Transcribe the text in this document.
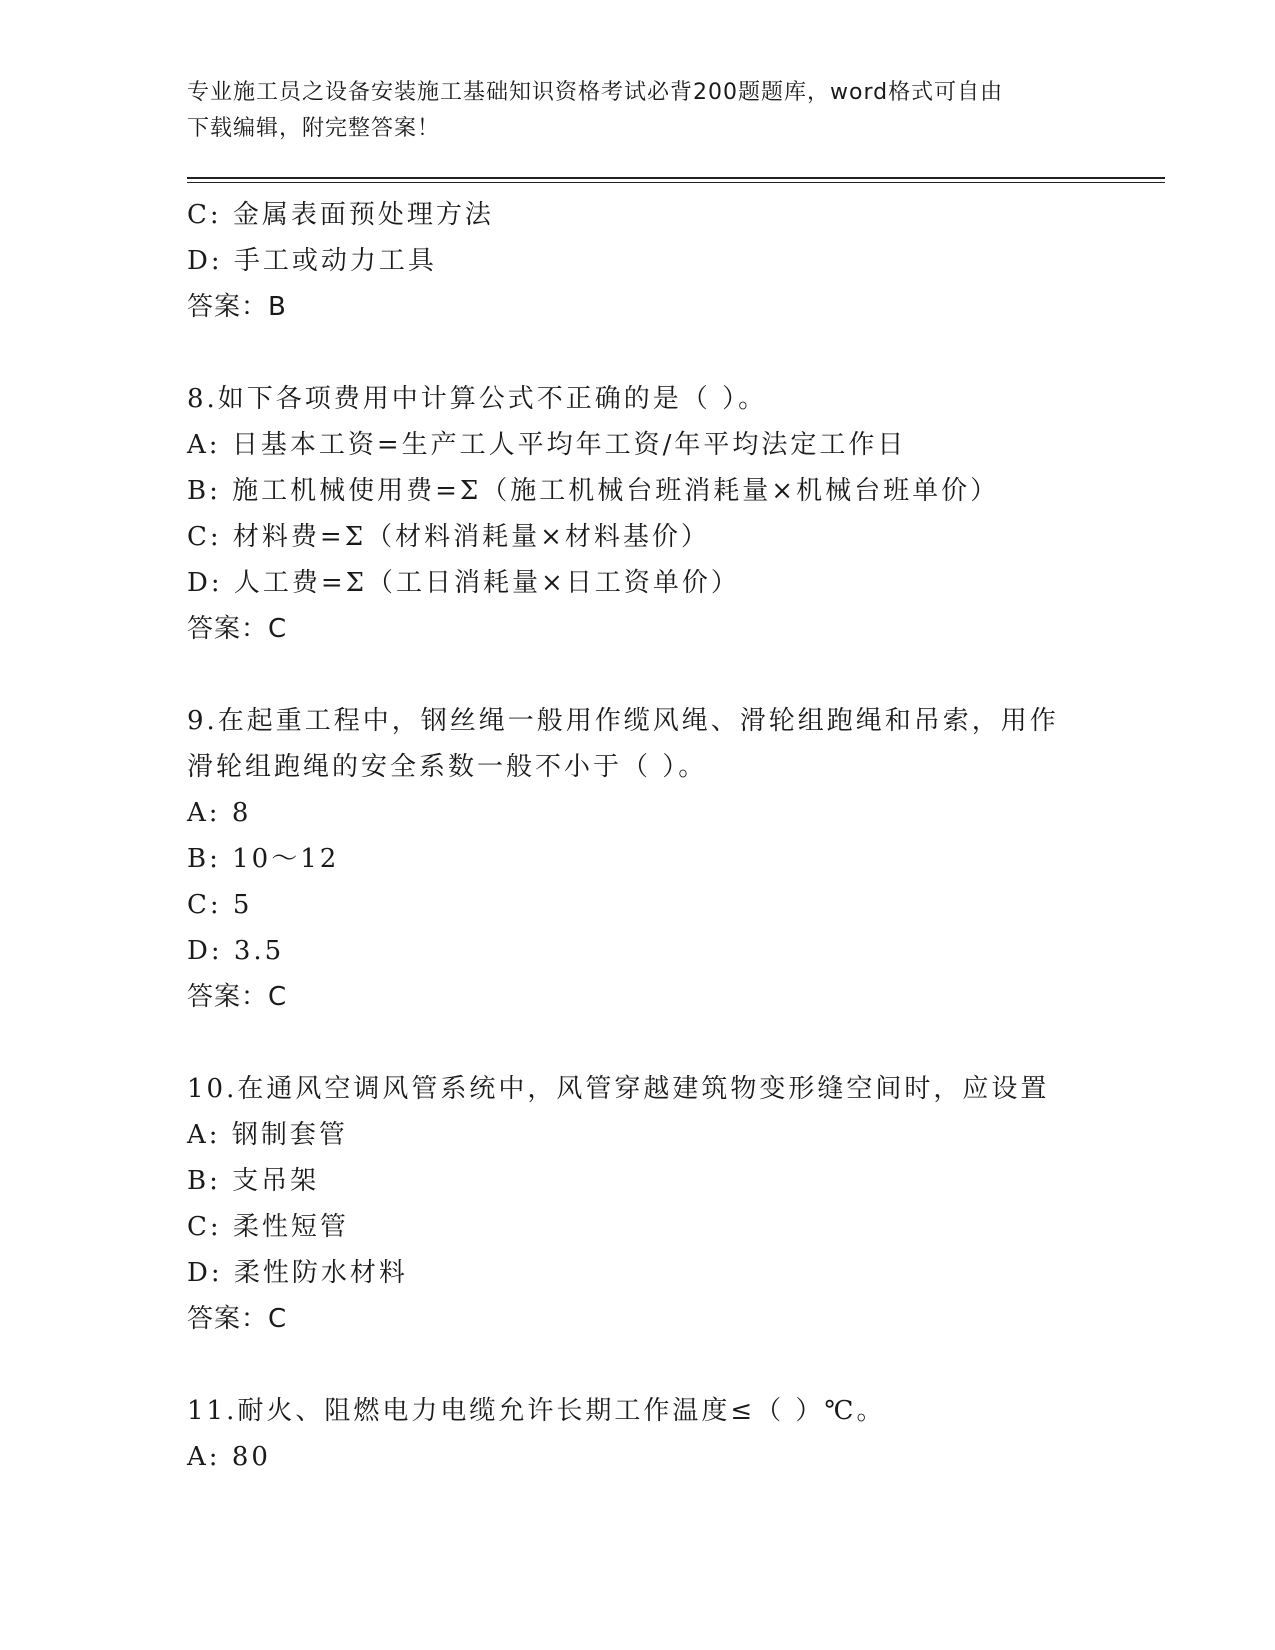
专业施工员之设备安装施工基础知识资格考试必背200题题库，word格式可自由
下载编辑，附完整答案！
C: 金属表面预处理方法
D: 手工或动力工具
答案：B
8.如下各项费用中计算公式不正确的是（ ）。
A: 日基本工资=生产工人平均年工资/年平均法定工作日
B: 施工机械使用费=Σ（施工机械台班消耗量×机械台班单价）
C: 材料费=Σ（材料消耗量×材料基价）
D: 人工费=Σ（工日消耗量×日工资单价）
答案：C
9.在起重工程中，钢丝绳一般用作缆风绳、滑轮组跑绳和吊索，用作
滑轮组跑绳的安全系数一般不小于（ ）。
A: 8
B: 10～12
C: 5
D: 3.5
答案：C
10.在通风空调风管系统中，风管穿越建筑物变形缝空间时，应设置
A: 钢制套管
B: 支吊架
C: 柔性短管
D: 柔性防水材料
答案：C
11.耐火、阻燃电力电缆允许长期工作温度≤（ ）℃。
A: 80
